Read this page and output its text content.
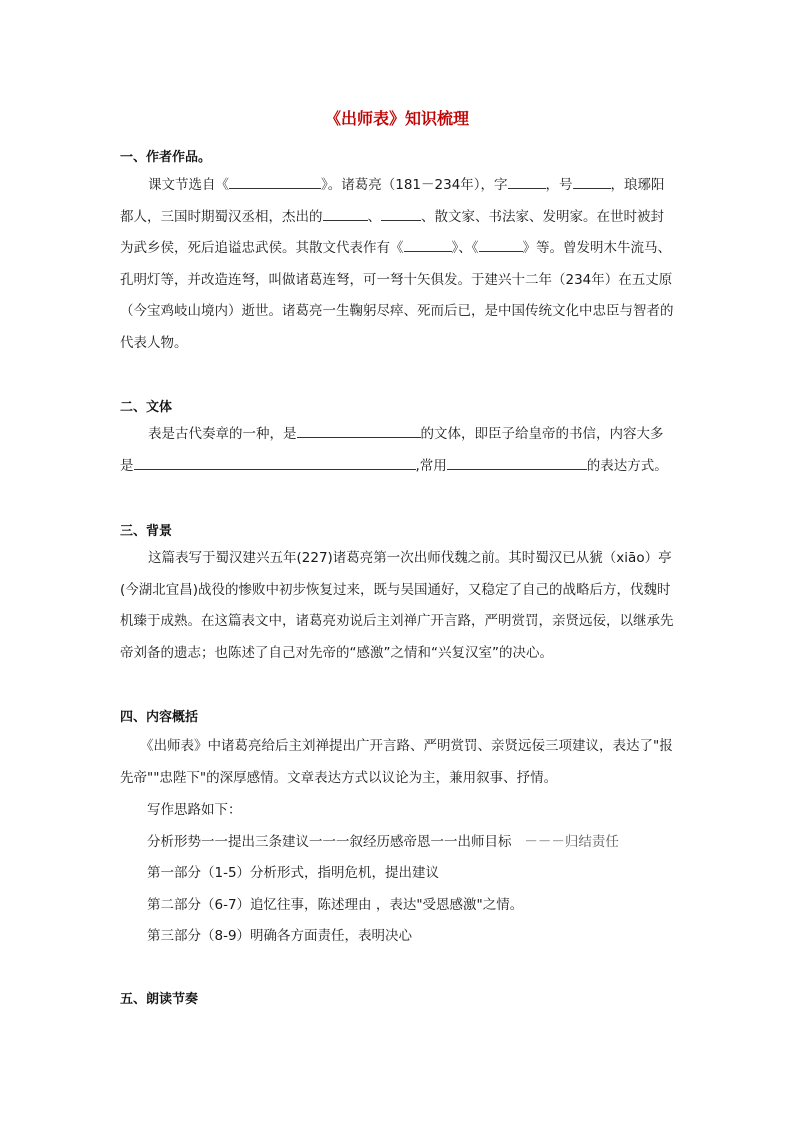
《出师表》知识梳理
一、作者作品。

课文节选自《	》。诸葛亮（181－234年），字	，号	，琅琊阳都人，三国时期蜀汉丞相，杰出的	、	、散文家、书法家、发明家。在世时被封为武乡侯，死后追谥忠武侯。其散文代表作有《	》、《	》等。曾发明木牛流马、孔明灯等，并改造连弩，叫做诸葛连弩，可一弩十矢俱发。于建兴十二年（234年）在五丈原（今宝鸡岐山境内）逝世。诸葛亮一生鞠躬尽瘁、死而后已，是中国传统文化中忠臣与智者的代表人物。

二、文体

表是古代奏章的一种，是	的文体，即臣子给皇帝的书信，内容大多是	,常用	的表达方式。

三、背景

这篇表写于蜀汉建兴五年(227)诸葛亮第一次出师伐魏之前。其时蜀汉已从猇（xiāo）亭(今湖北宜昌)战役的惨败中初步恢复过来，既与吴国通好，又稳定了自己的战略后方，伐魏时机臻于成熟。在这篇表文中，诸葛亮劝说后主刘禅广开言路，严明赏罚，亲贤远佞，以继承先帝刘备的遗志；也陈述了自己对先帝的“感激”之情和“兴复汉室”的决心。

四、内容概括

《出师表》中诸葛亮给后主刘禅提出广开言路、严明赏罚、亲贤远佞三项建议，表达了"报先帝""忠陛下"的深厚感情。文章表达方式以议论为主，兼用叙事、抒情。

写作思路如下：
分析形势一一提出三条建议一一一叙经历感帝恩一一出师目标 －－－归结责任
第一部分（1-5）分析形式，指明危机，提出建议
第二部分（6-7）追忆往事，陈述理由 ，表达"受恩感激"之情。
第三部分（8-9）明确各方面责任，表明决心
五、朗读节奏
